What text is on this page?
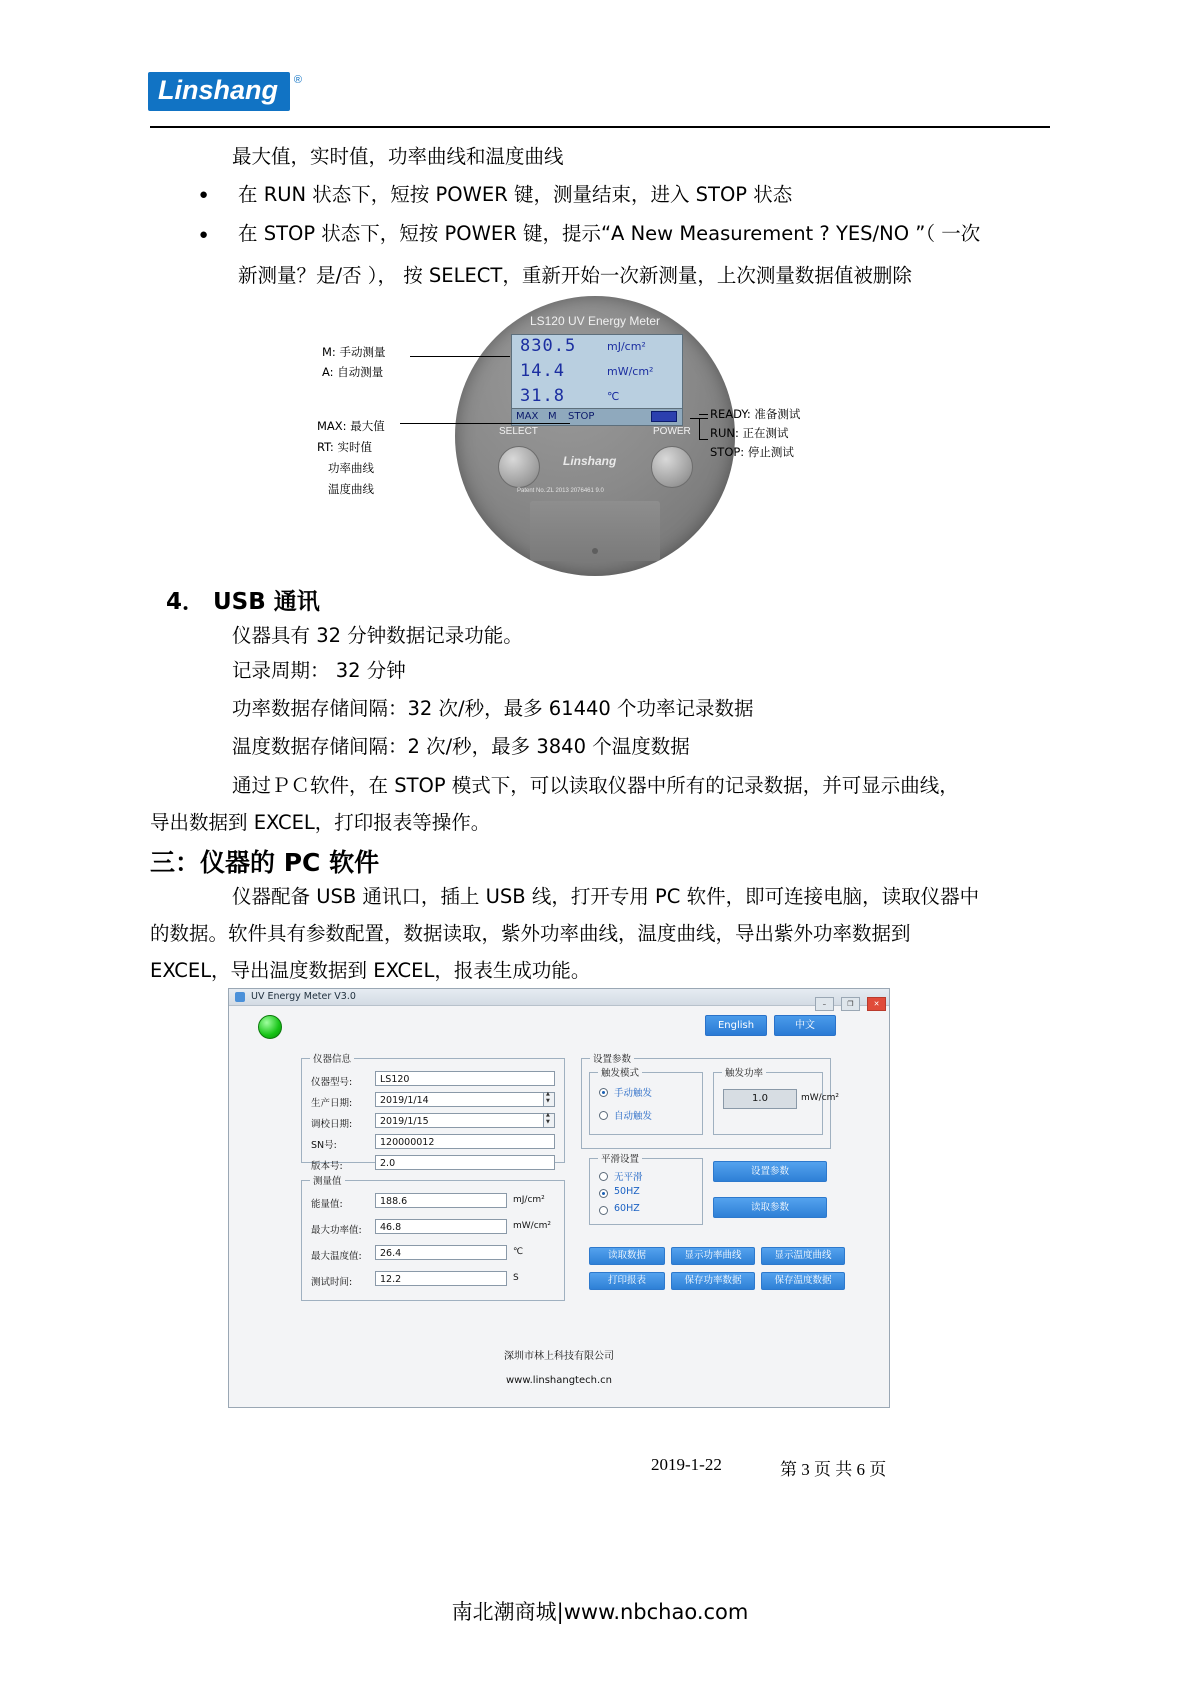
Linshang ®
最大值，实时值，功率曲线和温度曲线
● 在 RUN 状态下，短按 POWER 键，测量结束，进入 STOP 状态
● 在 STOP 状态下，短按 POWER 键，提示“A New Measurement ? YES/NO ”（ 一次
新测量？是/否 ）， 按 SELECT，重新开始一次新测量，上次测量数据值被删除
LS120 UV Energy Meter
830.5	mJ/cm²
14.4	mW/cm²
31.8	℃
MAX M STOP
SELECT	POWER
Linshang
Patent No.:ZL 2013 2076461 9.0
M: 手动测量
A: 自动测量
MAX: 最大值
RT: 实时值
功率曲线
温度曲线
READY: 准备测试
RUN: 正在测试
STOP: 停止测试
4． USB 通讯
仪器具有 32 分钟数据记录功能。
记录周期： 32 分钟
功率数据存储间隔：32 次/秒，最多 61440 个功率记录数据
温度数据存储间隔：2 次/秒，最多 3840 个温度数据
通过ＰＣ软件，在 STOP 模式下，可以读取仪器中所有的记录数据，并可显示曲线，
导出数据到 EXCEL，打印报表等操作。
三：仪器的 PC 软件
仪器配备 USB 通讯口，插上 USB 线，打开专用 PC 软件，即可连接电脑，读取仪器中
的数据。软件具有参数配置，数据读取，紫外功率曲线，温度曲线，导出紫外功率数据到
EXCEL，导出温度数据到 EXCEL，报表生成功能。
UV Energy Meter V3.0
–	❐	✕
English	中文
仪器信息
仪器型号:	LS120
生产日期:	2019/1/14
▲ ▼
调校日期:	2019/1/15
▲ ▼
SN号:	120000012
版本号:	2.0
测量值
能量值:	188.6	mJ/cm²
最大功率值:	46.8	mW/cm²
最大温度值:	26.4	℃
测试时间:	12.2	S
设置参数
触发模式
手动触发
自动触发
触发功率
1.0	mW/cm²
平滑设置
无平滑
50HZ
60HZ
设置参数
读取参数
读取数据	显示功率曲线	显示温度曲线
打印报表	保存功率数据	保存温度数据
深圳市林上科技有限公司
www.linshangtech.cn
2019-1-22	第 3 页 共 6 页
南北潮商城|www.nbchao.com
